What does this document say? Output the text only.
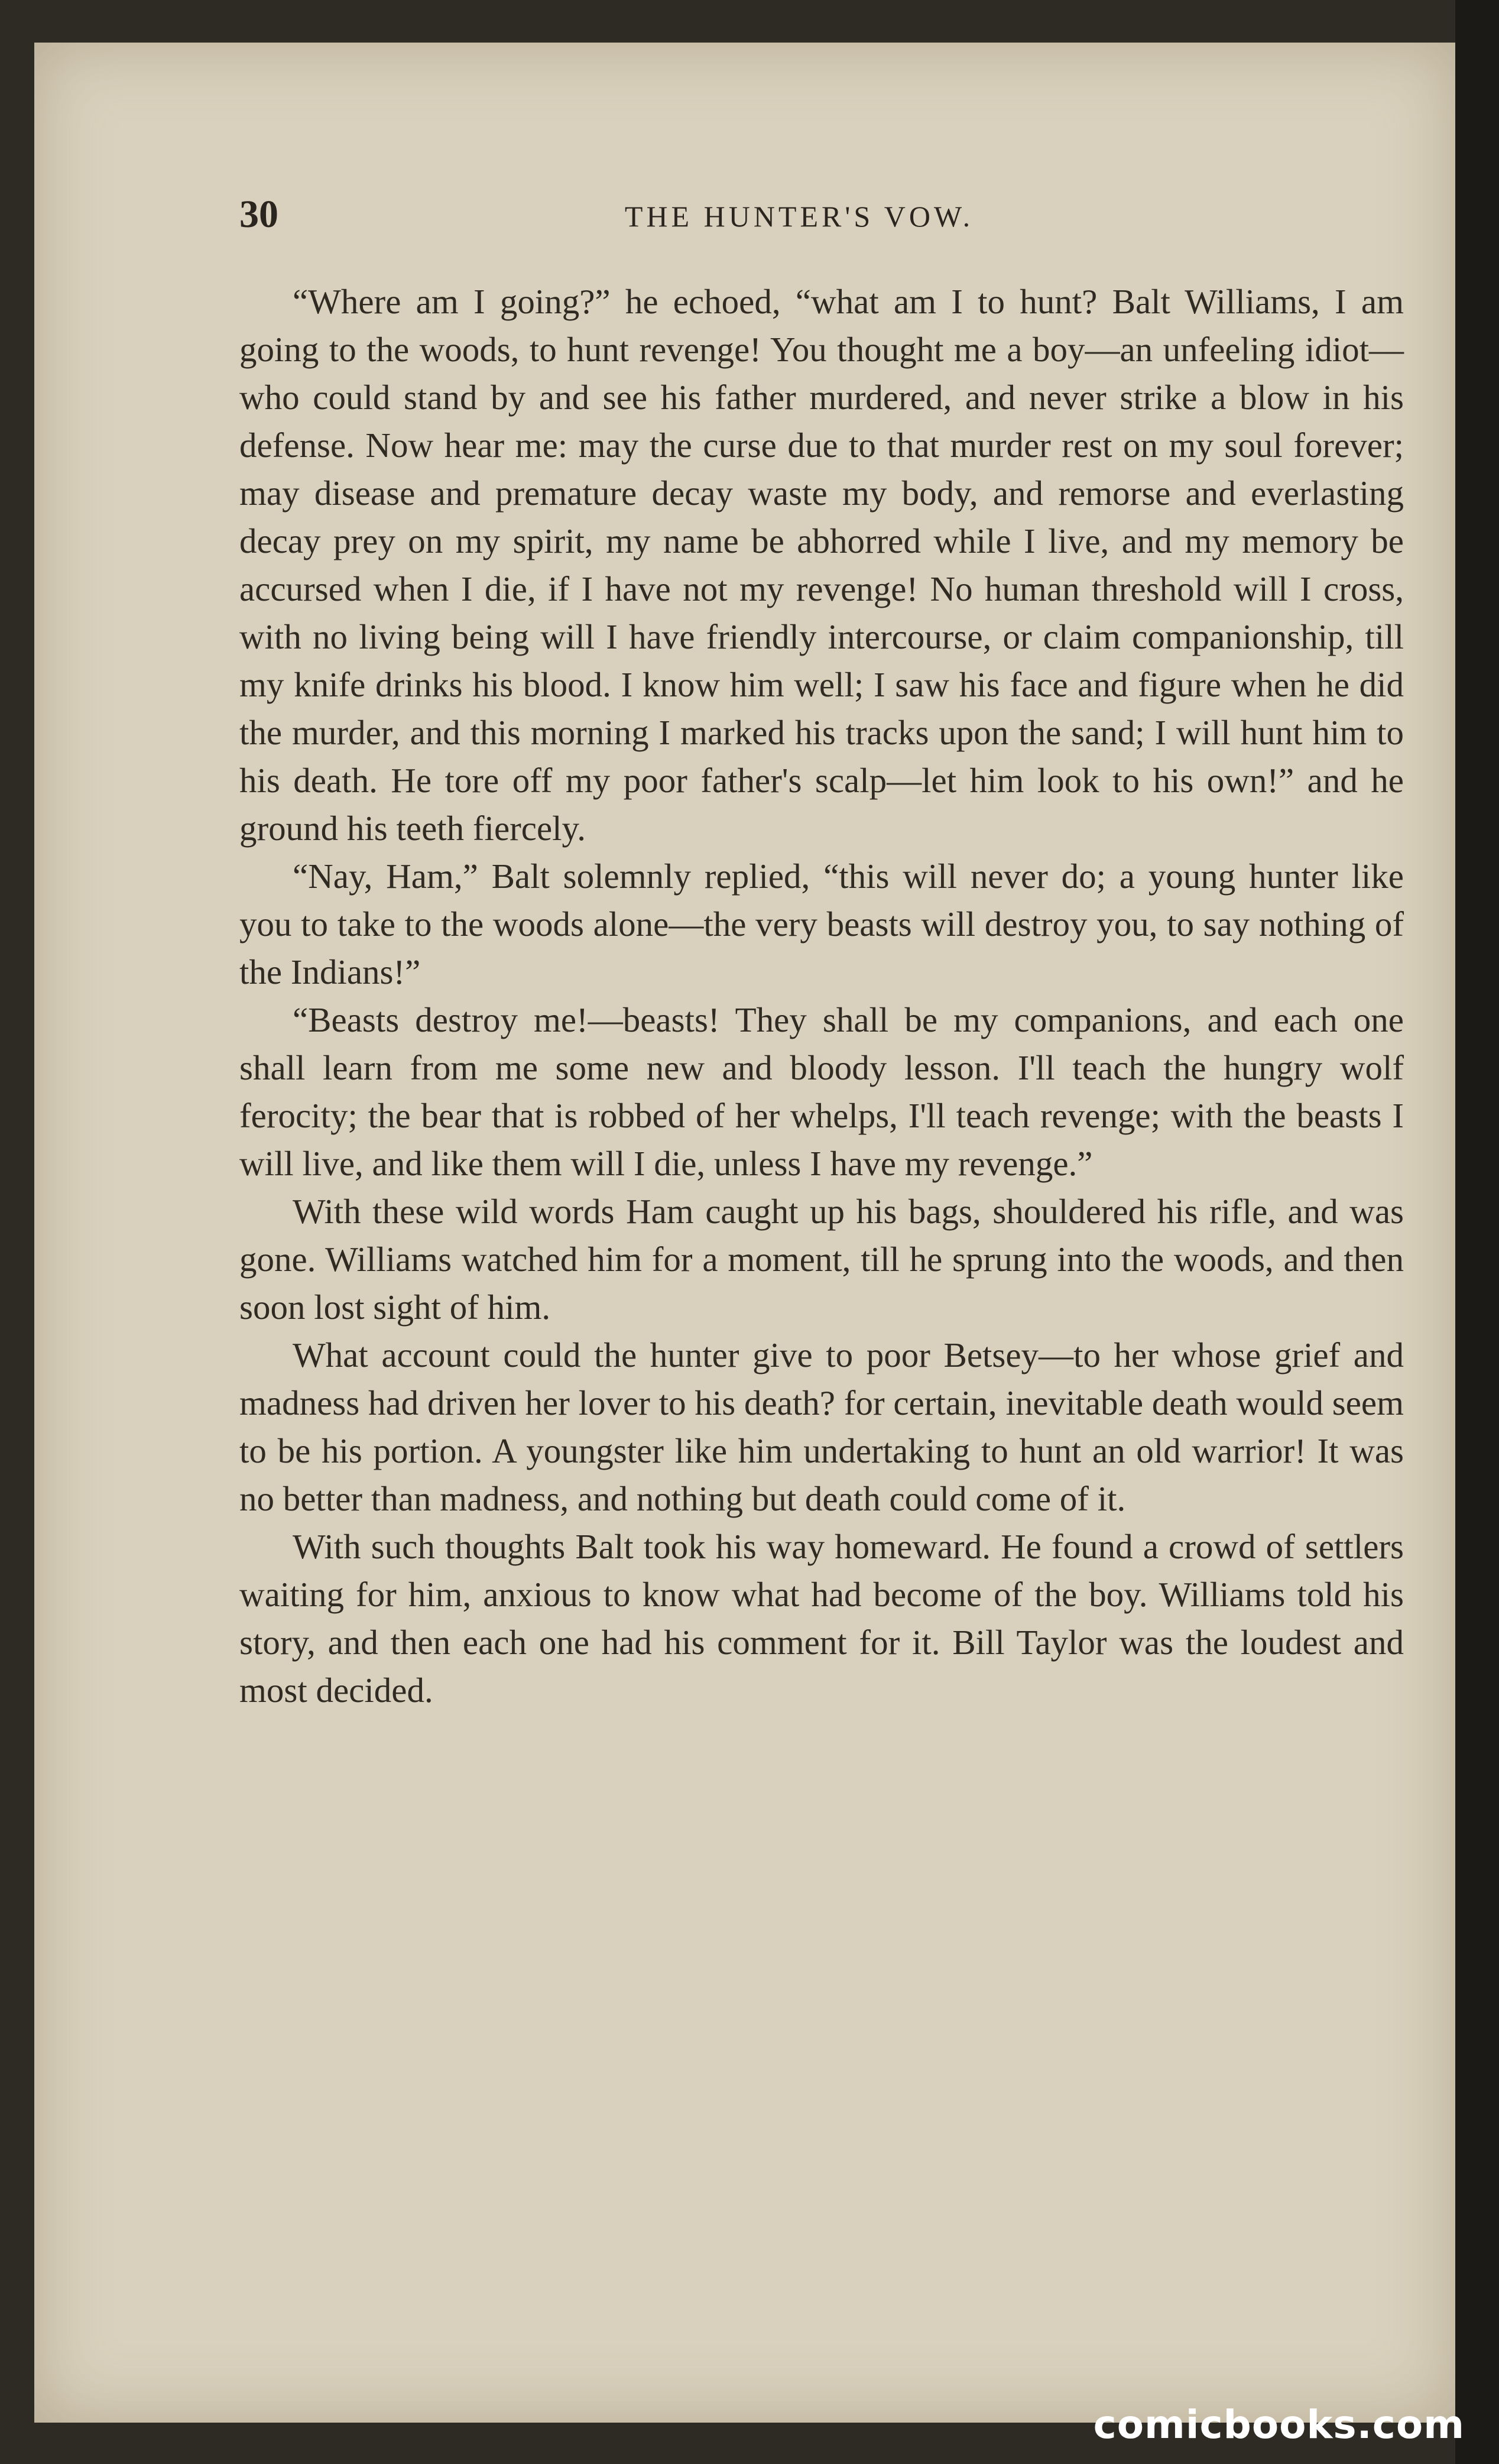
30	THE HUNTER'S VOW.

“Where am I going?” he echoed, “what am I to hunt? Balt Williams, I am going to the woods, to hunt revenge! You thought me a boy—an unfeeling idiot—who could stand by and see his father murdered, and never strike a blow in his defense. Now hear me: may the curse due to that murder rest on my soul forever; may disease and premature decay waste my body, and remorse and everlasting decay prey on my spirit, my name be abhorred while I live, and my memory be accursed when I die, if I have not my revenge! No human threshold will I cross, with no living being will I have friendly intercourse, or claim companionship, till my knife drinks his blood. I know him well; I saw his face and figure when he did the murder, and this morning I marked his tracks upon the sand; I will hunt him to his death. He tore off my poor father's scalp—let him look to his own!” and he ground his teeth fiercely.

“Nay, Ham,” Balt solemnly replied, “this will never do; a young hunter like you to take to the woods alone—the very beasts will destroy you, to say nothing of the Indians!”

“Beasts destroy me!—beasts! They shall be my companions, and each one shall learn from me some new and bloody lesson. I'll teach the hungry wolf ferocity; the bear that is robbed of her whelps, I'll teach revenge; with the beasts I will live, and like them will I die, unless I have my revenge.”

With these wild words Ham caught up his bags, shouldered his rifle, and was gone. Williams watched him for a moment, till he sprung into the woods, and then soon lost sight of him.

What account could the hunter give to poor Betsey—to her whose grief and madness had driven her lover to his death? for certain, inevitable death would seem to be his portion. A youngster like him undertaking to hunt an old warrior! It was no better than madness, and nothing but death could come of it.

With such thoughts Balt took his way homeward. He found a crowd of settlers waiting for him, anxious to know what had become of the boy. Williams told his story, and then each one had his comment for it. Bill Taylor was the loudest and most decided.

comicbooks.com
